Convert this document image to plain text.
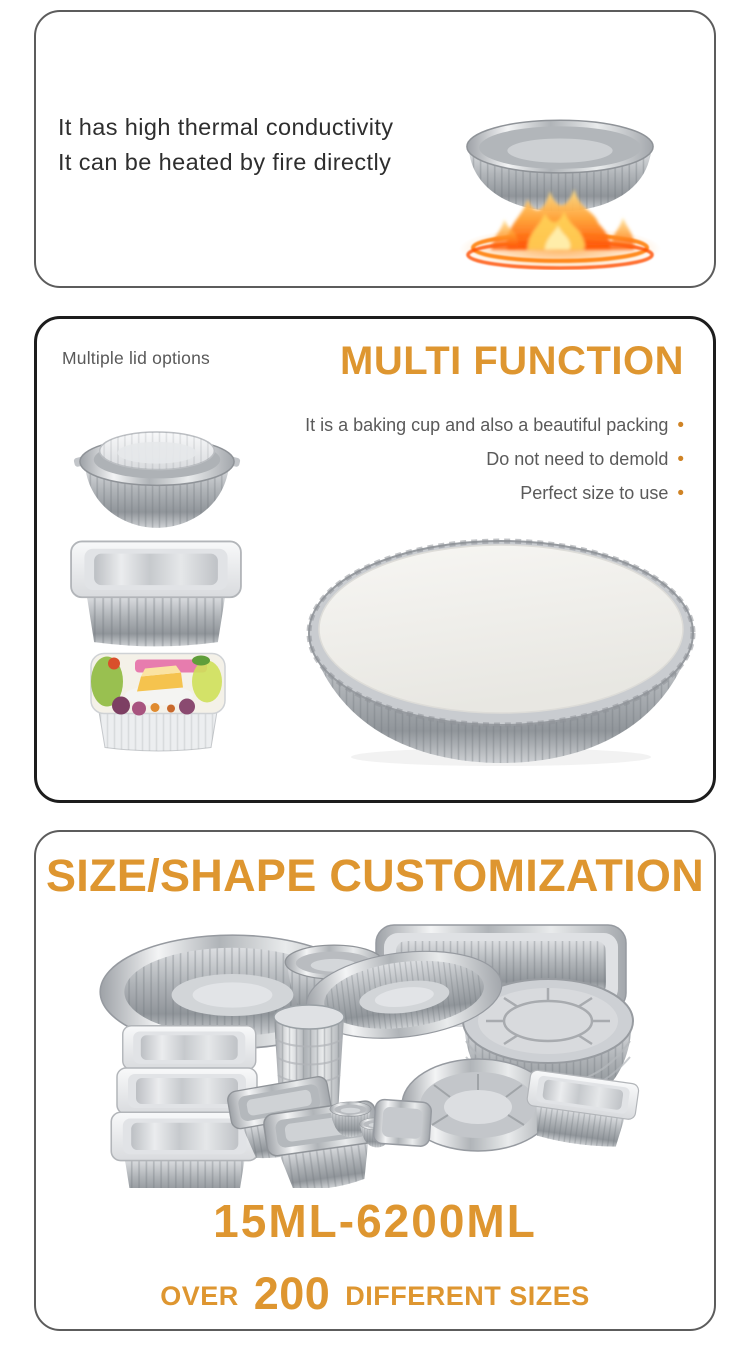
It has high thermal conductivity
It can be heated by fire directly
Multiple lid options	MULTI FUNCTION
It is a baking cup and also a beautiful packing •
Do not need to demold •
Perfect size to use •
SIZE/SHAPE CUSTOMIZATION
15ML-6200ML
OVER 200 DIFFERENT SIZES
